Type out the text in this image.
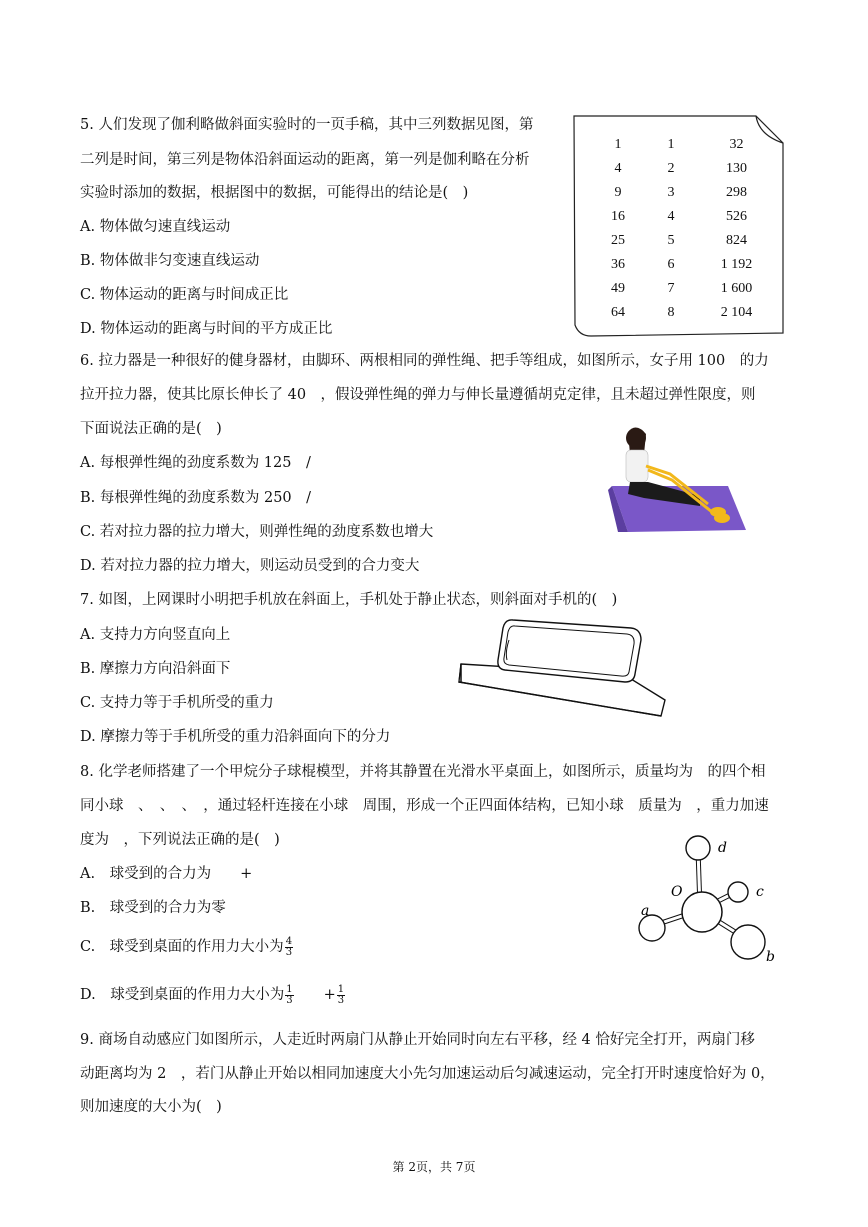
5. 人们发现了伽利略做斜面实验时的一页手稿，其中三列数据见图，第
二列是时间，第三列是物体沿斜面运动的距离，第一列是伽利略在分析
实验时添加的数据，根据图中的数据，可能得出的结论是(　)
A. 物体做匀速直线运动
B. 物体做非匀变速直线运动
C. 物体运动的距离与时间成正比
D. 物体运动的距离与时间的平方成正比
1	1	32
4	2	130
9	3	298
16	4	526
25	5	824
36	6	1 192
49	7	1 600
64	8	2 104
6. 拉力器是一种很好的健身器材，由脚环、两根相同的弹性绳、把手等组成，如图所示，女子用 100　的力
拉开拉力器，使其比原长伸长了 40　，假设弹性绳的弹力与伸长量遵循胡克定律，且未超过弹性限度，则
下面说法正确的是(　)
A. 每根弹性绳的劲度系数为 125　/
B. 每根弹性绳的劲度系数为 250　/
C. 若对拉力器的拉力增大，则弹性绳的劲度系数也增大
D. 若对拉力器的拉力增大，则运动员受到的合力变大
7. 如图，上网课时小明把手机放在斜面上，手机处于静止状态，则斜面对手机的(　)
A. 支持力方向竖直向上
B. 摩擦力方向沿斜面下
C. 支持力等于手机所受的重力
D. 摩擦力等于手机所受的重力沿斜面向下的分力
8. 化学老师搭建了一个甲烷分子球棍模型，并将其静置在光滑水平桌面上，如图所示，质量均为　的四个相
同小球　、　、　、　，通过轻杆连接在小球　周围，形成一个正四面体结构，已知小球　质量为　，重力加速
度为　，下列说法正确的是(　)
A.　球受到的合力为　　+
B.　球受到的合力为零
C.　球受到桌面的作用力大小为 $\frac{4}{3}$
D.　球受到桌面的作用力大小为 $\frac{1}{3}$ 　　+ $\frac{1}{3}$
d
O	c
a
b
9. 商场自动感应门如图所示，人走近时两扇门从静止开始同时向左右平移，经 4 恰好完全打开，两扇门移
动距离均为 2　，若门从静止开始以相同加速度大小先匀加速运动后匀减速运动，完全打开时速度恰好为 0，
则加速度的大小为(　)
第 2页，共 7页
